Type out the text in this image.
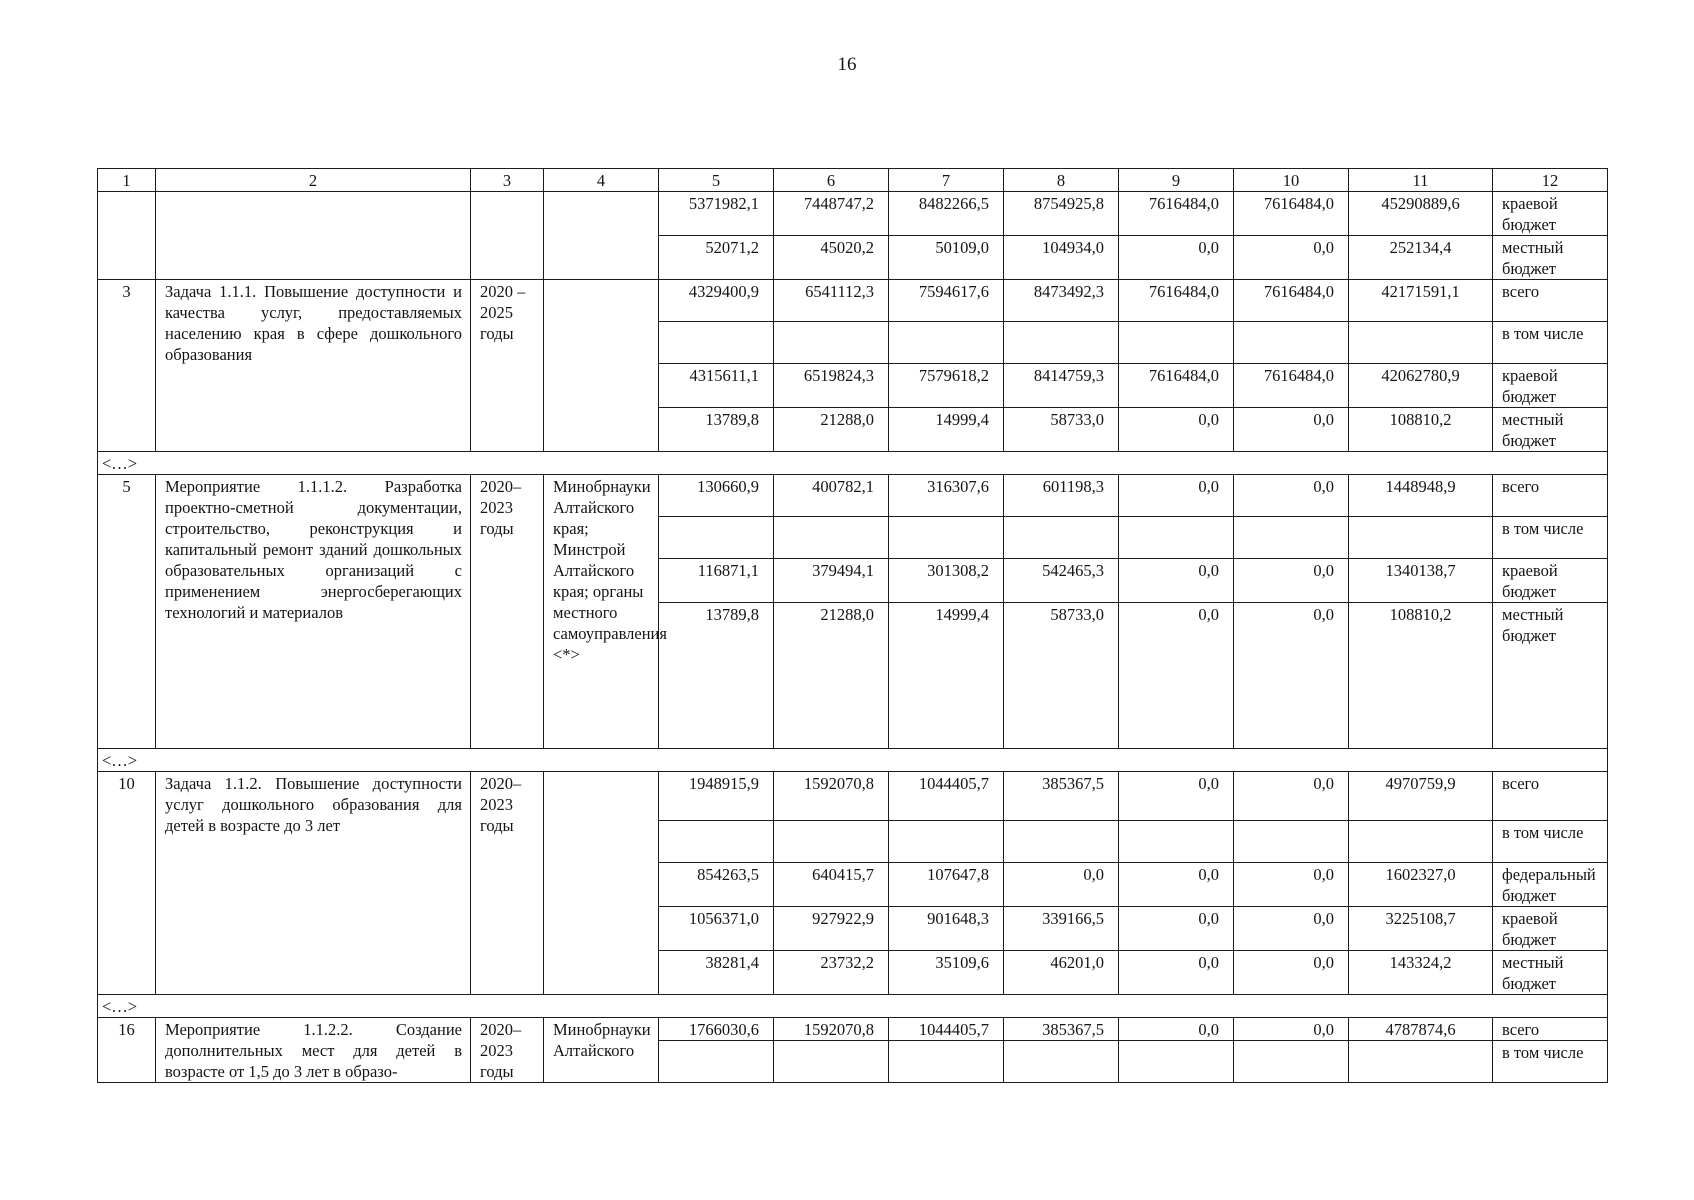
16
1	2	3	4	5	6	7	8	9	10	11	12
				5371982,1	7448747,2	8482266,5	8754925,8	7616484,0	7616484,0	45290889,6	краевой бюджет
				52071,2	45020,2	50109,0	104934,0	0,0	0,0	252134,4	местный бюджет
3	Задача 1.1.1. Повышение доступности и качества услуг, предоставляемых населению края в сфере дошкольного образования	2020 – 2025 годы		4329400,9	6541112,3	7594617,6	8473492,3	7616484,0	7616484,0	42171591,1	всего
											в том числе
				4315611,1	6519824,3	7579618,2	8414759,3	7616484,0	7616484,0	42062780,9	краевой бюджет
				13789,8	21288,0	14999,4	58733,0	0,0	0,0	108810,2	местный бюджет
<…>											
5	Мероприятие 1.1.1.2. Разработка проектно-сметной документации, строительство, реконструкция и капитальный ремонт зданий дошкольных образовательных организаций с применением энергосберегающих технологий и материалов	2020– 2023 годы	Минобрнауки Алтайского края; Минстрой Алтайского края; органы местного самоуправления <*>	130660,9	400782,1	316307,6	601198,3	0,0	0,0	1448948,9	всего
											в том числе
				116871,1	379494,1	301308,2	542465,3	0,0	0,0	1340138,7	краевой бюджет
				13789,8	21288,0	14999,4	58733,0	0,0	0,0	108810,2	местный бюджет
<…>											
10	Задача 1.1.2. Повышение доступности услуг дошкольного образования для детей в возрасте до 3 лет	2020– 2023 годы		1948915,9	1592070,8	1044405,7	385367,5	0,0	0,0	4970759,9	всего
											в том числе
				854263,5	640415,7	107647,8	0,0	0,0	0,0	1602327,0	федеральный бюджет
				1056371,0	927922,9	901648,3	339166,5	0,0	0,0	3225108,7	краевой бюджет
				38281,4	23732,2	35109,6	46201,0	0,0	0,0	143324,2	местный бюджет
<…>											
16	Мероприятие 1.1.2.2. Создание дополнительных мест для детей в возрасте от 1,5 до 3 лет в образо-	2020– 2023 годы	Минобрнауки Алтайского	1766030,6	1592070,8	1044405,7	385367,5	0,0	0,0	4787874,6	всего
											в том числе
